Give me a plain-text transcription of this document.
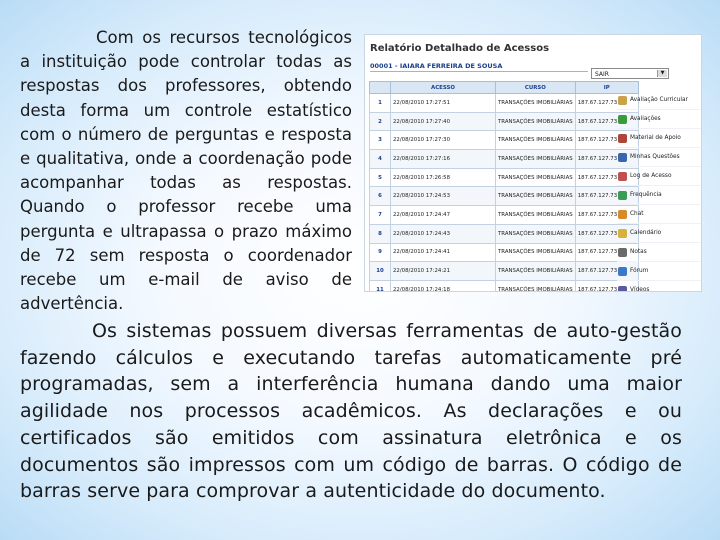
Com os recursos tecnológicos a instituição pode controlar todas as respostas dos professores, obtendo desta forma um controle estatístico com o número de perguntas e resposta e qualitativa, onde a coordenação pode acompanhar todas as respostas. Quando o professor recebe uma pergunta e ultrapassa o prazo máximo de 72 sem resposta o coordenador recebe um e-mail de aviso de advertência.

Relatório Detalhado de Acessos
00001 - IAIARA FERREIRA DE SOUSA
SAIR	▼
	ACESSO	CURSO	IP
1	22/08/2010 17:27:51	TRANSAÇÕES IMOBILIÁRIAS	187.67.127.73
2	22/08/2010 17:27:40	TRANSAÇÕES IMOBILIÁRIAS	187.67.127.73
3	22/08/2010 17:27:30	TRANSAÇÕES IMOBILIÁRIAS	187.67.127.73
4	22/08/2010 17:27:16	TRANSAÇÕES IMOBILIÁRIAS	187.67.127.73
5	22/08/2010 17:26:58	TRANSAÇÕES IMOBILIÁRIAS	187.67.127.73
6	22/08/2010 17:24:53	TRANSAÇÕES IMOBILIÁRIAS	187.67.127.73
7	22/08/2010 17:24:47	TRANSAÇÕES IMOBILIÁRIAS	187.67.127.73
8	22/08/2010 17:24:43	TRANSAÇÕES IMOBILIÁRIAS	187.67.127.73
9	22/08/2010 17:24:41	TRANSAÇÕES IMOBILIÁRIAS	187.67.127.73
10	22/08/2010 17:24:21	TRANSAÇÕES IMOBILIÁRIAS	187.67.127.73
11	22/08/2010 17:24:18	TRANSAÇÕES IMOBILIÁRIAS	187.67.127.73

Avaliação Curricular
Avaliações
Material de Apoio
Minhas Questões
Log de Acesso
Frequência
Chat
Calendário
Notas
Fórum
Vídeos

Os sistemas possuem diversas ferramentas de auto-gestão fazendo cálculos e executando tarefas automaticamente pré programadas, sem a interferência humana dando uma maior agilidade nos processos acadêmicos. As declarações e ou certificados são emitidos com assinatura eletrônica e os documentos são impressos com um código de barras. O código de barras serve para comprovar a autenticidade do documento.
